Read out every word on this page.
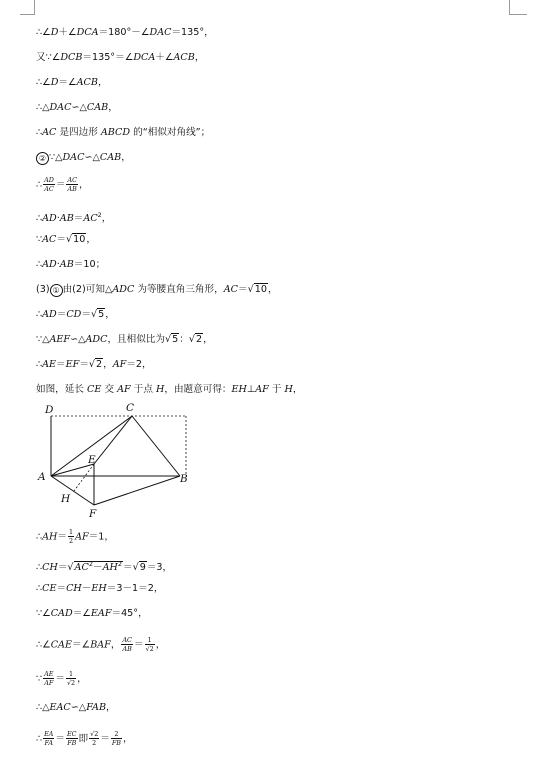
∴∠D＋∠DCA＝180°－∠DAC＝135°，
又∵∠DCB＝135°＝∠DCA＋∠ACB，
∴∠D＝∠ACB，
∴△DAC∽△CAB，
∴AC 是四边形 ABCD 的“相似对角线”；
② ∵△DAC∽△CAB，
∴ $\frac{AD}{AC} = \frac{AC}{AB}$ ，
$\therefore AD\cdot AB=AC^2$，
∵AC＝√10，
∴AD·AB＝10；
(3) ① 由(2)可知△ADC 为等腰直角三角形，AC＝√10，
∴AD＝CD＝√5，
∵△AEF∽△ADC，且相似比为√5：√2，
∴AE＝EF＝√2，AF＝2，
如图，延长 CE 交 AF 于点 H，由题意可得：EH⊥AF 于 H，
D	C
A	B
E
H
F
∴AH＝ $\frac{1}{2} AF=1$，
$\therefore CH=√AC^2-AH^2=√9=3$，
∴CE＝CH－EH＝3－1＝2，
∵∠CAD＝∠EAF＝45°，
∴∠CAE＝∠BAF， $\frac{AC}{AB} = \frac{1}{√2}$ ，
∵ $\frac{AE}{AF} = \frac{1}{√2}$ ，
∴△EAC∽△FAB，
∴ $\frac{EA}{FA} = \frac{EC}{FB}$ 即 $\frac{√2}{2} = \frac{2}{FB}$ ，
